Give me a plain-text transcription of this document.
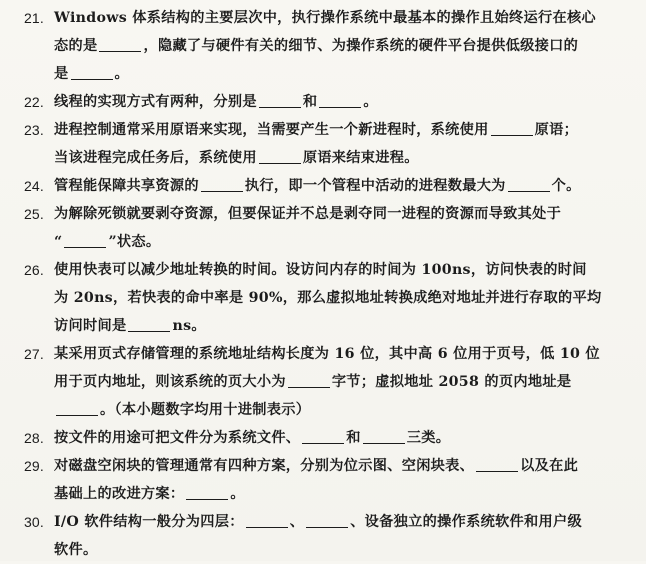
21. Windows 体系结构的主要层次中，执行操作系统中最基本的操作且始终运行在核心
态的是	，隐藏了与硬件有关的细节、为操作系统的硬件平台提供低级接口的
是	。
22. 线程的实现方式有两种，分别是	和	。
23. 进程控制通常采用原语来实现，当需要产生一个新进程时，系统使用	原语；
当该进程完成任务后，系统使用	原语来结束进程。
24. 管程能保障共享资源的	执行，即一个管程中活动的进程数最大为	个。
25. 为解除死锁就要剥夺资源，但要保证并不总是剥夺同一进程的资源而导致其处于
“	”状态。
26. 使用快表可以减少地址转换的时间。设访问内存的时间为 100ns，访问快表的时间
为 20ns，若快表的命中率是 90%，那么虚拟地址转换成绝对地址并进行存取的平均
访问时间是	ns。
27. 某采用页式存储管理的系统地址结构长度为 16 位，其中高 6 位用于页号，低 10 位
用于页内地址，则该系统的页大小为	字节；虚拟地址 2058 的页内地址是
。（本小题数字均用十进制表示）
28. 按文件的用途可把文件分为系统文件、	和	三类。
29. 对磁盘空闲块的管理通常有四种方案，分别为位示图、空闲块表、	以及在此
基础上的改进方案：	。
30. I/O 软件结构一般分为四层：	、	、设备独立的操作系统软件和用户级
软件。
